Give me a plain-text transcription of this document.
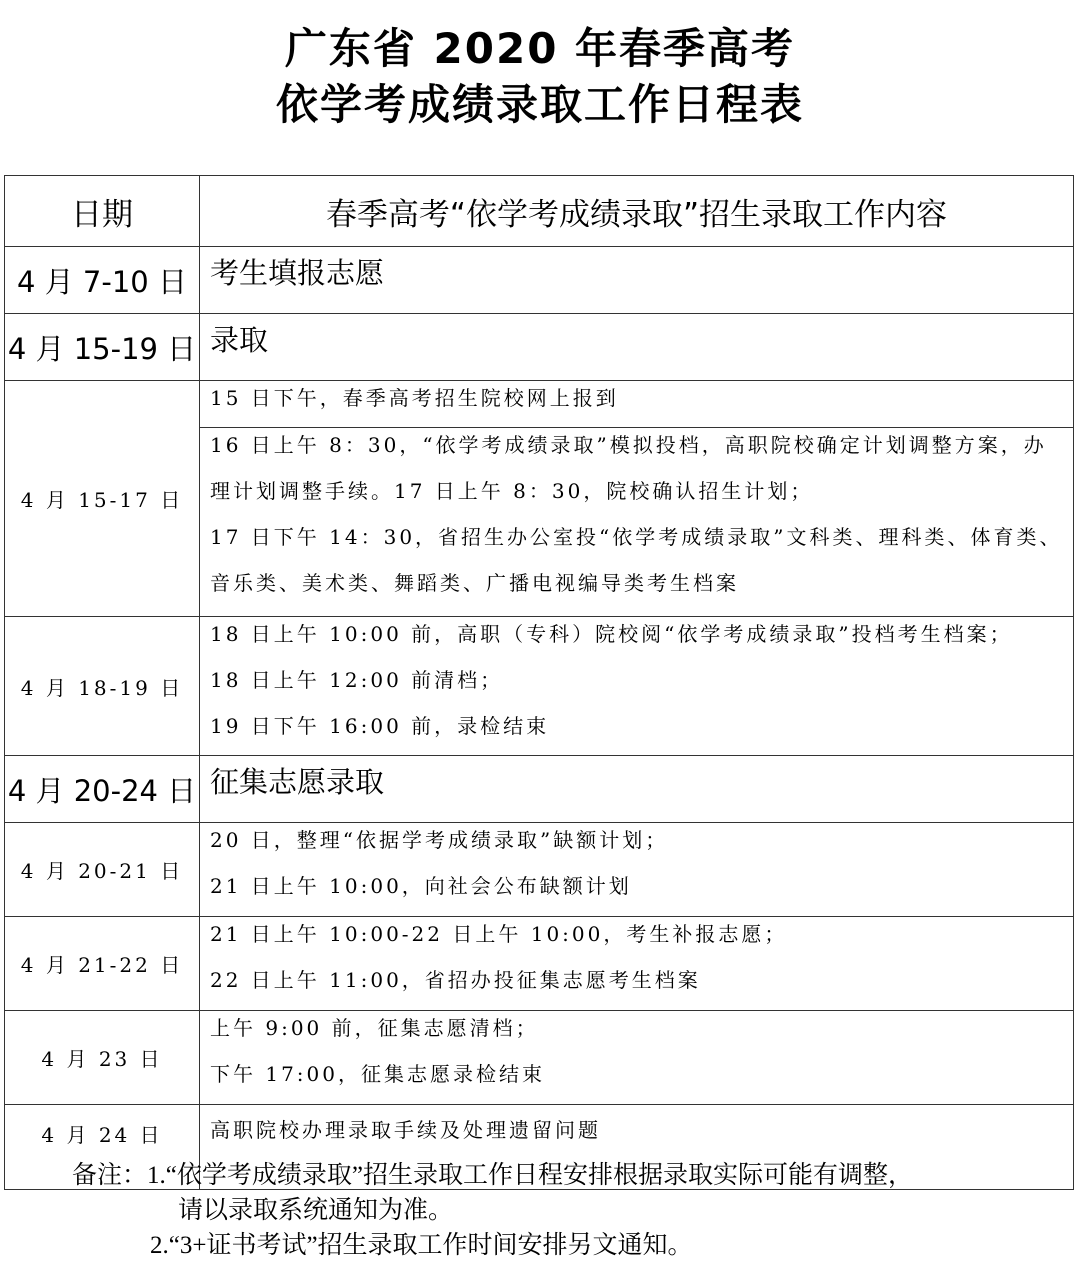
广东省 2020 年春季高考
依学考成绩录取工作日程表
日期	春季高考“依学考成绩录取”招生录取工作内容
4 月 7-10 日	考生填报志愿
4 月 15-19 日	录取
4 月 15-17 日	15 日下午，春季高考招生院校网上报到

	16 日上午 8：30，“依学考成绩录取”模拟投档，高职院校确定计划调整方案，办
理计划调整手续。17 日上午 8：30，院校确认招生计划；
17 日下午 14：30，省招生办公室投“依学考成绩录取”文科类、理科类、体育类、
音乐类、美术类、舞蹈类、广播电视编导类考生档案

4 月 18-19 日	18 日上午 10:00 前，高职（专科）院校阅“依学考成绩录取”投档考生档案；
18 日上午 12:00 前清档；
19 日下午 16:00 前，录检结束

4 月 20-24 日	征集志愿录取
4 月 20-21 日	20 日，整理“依据学考成绩录取”缺额计划；
21 日上午 10:00，向社会公布缺额计划

4 月 21-22 日	21 日上午 10:00-22 日上午 10:00，考生补报志愿；
22 日上午 11:00，省招办投征集志愿考生档案

4 月 23 日	上午 9:00 前，征集志愿清档；
下午 17:00，征集志愿录检结束

4 月 24 日	高职院校办理录取手续及处理遗留问题
备注：1.“依学考成绩录取”招生录取工作日程安排根据录取实际可能有调整，
请以录取系统通知为准。
2.“3+证书考试”招生录取工作时间安排另文通知。
